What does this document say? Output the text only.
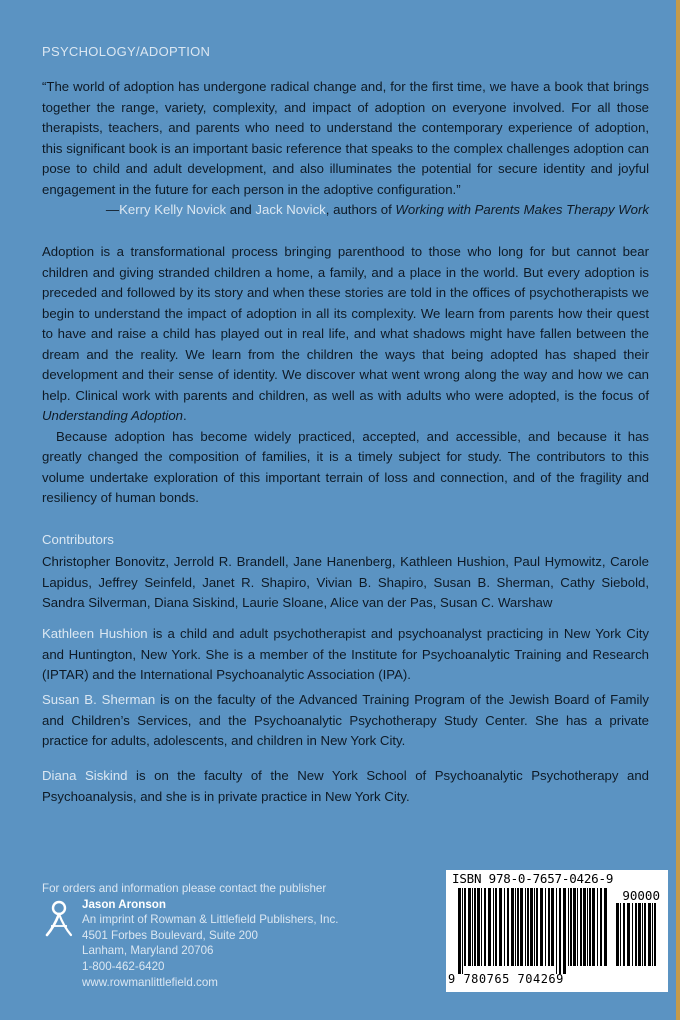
PSYCHOLOGY/ADOPTION
“The world of adoption has undergone radical change and, for the first time, we have a book that brings together the range, variety, complexity, and impact of adoption on everyone involved. For all those therapists, teachers, and parents who need to understand the contemporary experience of adoption, this significant book is an important basic reference that speaks to the complex challenges adoption can pose to child and adult development, and also illuminates the potential for secure identity and joyful engagement in the future for each person in the adoptive configuration.”
—Kerry Kelly Novick and Jack Novick, authors of Working with Parents Makes Therapy Work

Adoption is a transformational process bringing parenthood to those who long for but cannot bear children and giving stranded children a home, a family, and a place in the world. But every adoption is preceded and followed by its story and when these stories are told in the offices of psychotherapists we begin to understand the impact of adoption in all its complexity. We learn from parents how their quest to have and raise a child has played out in real life, and what shadows might have fallen between the dream and the reality. We learn from the children the ways that being adopted has shaped their development and their sense of identity. We discover what went wrong along the way and how we can help. Clinical work with parents and children, as well as with adults who were adopted, is the focus of Understanding Adoption.

Because adoption has become widely practiced, accepted, and accessible, and because it has greatly changed the composition of families, it is a timely subject for study. The contributors to this volume undertake exploration of this important terrain of loss and connection, and of the fragility and resiliency of human bonds.

Contributors
Christopher Bonovitz, Jerrold R. Brandell, Jane Hanenberg, Kathleen Hushion, Paul Hymowitz, Carole Lapidus, Jeffrey Seinfeld, Janet R. Shapiro, Vivian B. Shapiro, Susan B. Sherman, Cathy Siebold, Sandra Silverman, Diana Siskind, Laurie Sloane, Alice van der Pas, Susan C. Warshaw
Kathleen Hushion is a child and adult psychotherapist and psychoanalyst practicing in New York City and Huntington, New York. She is a member of the Institute for Psychoanalytic Training and Research (IPTAR) and the International Psychoanalytic Association (IPA).
Susan B. Sherman is on the faculty of the Advanced Training Program of the Jewish Board of Family and Children’s Services, and the Psychoanalytic Psychotherapy Study Center. She has a private practice for adults, adolescents, and children in New York City.
Diana Siskind is on the faculty of the New York School of Psychoanalytic Psychotherapy and Psychoanalysis, and she is in private practice in New York City.
For orders and information please contact the publisher
Jason Aronson
An imprint of Rowman & Littlefield Publishers, Inc.
4501 Forbes Boulevard, Suite 200
Lanham, Maryland 20706
1-800-462-6420
www.rowmanlittlefield.com
ISBN 978-0-7657-0426-9
90000
9 780765 704269
